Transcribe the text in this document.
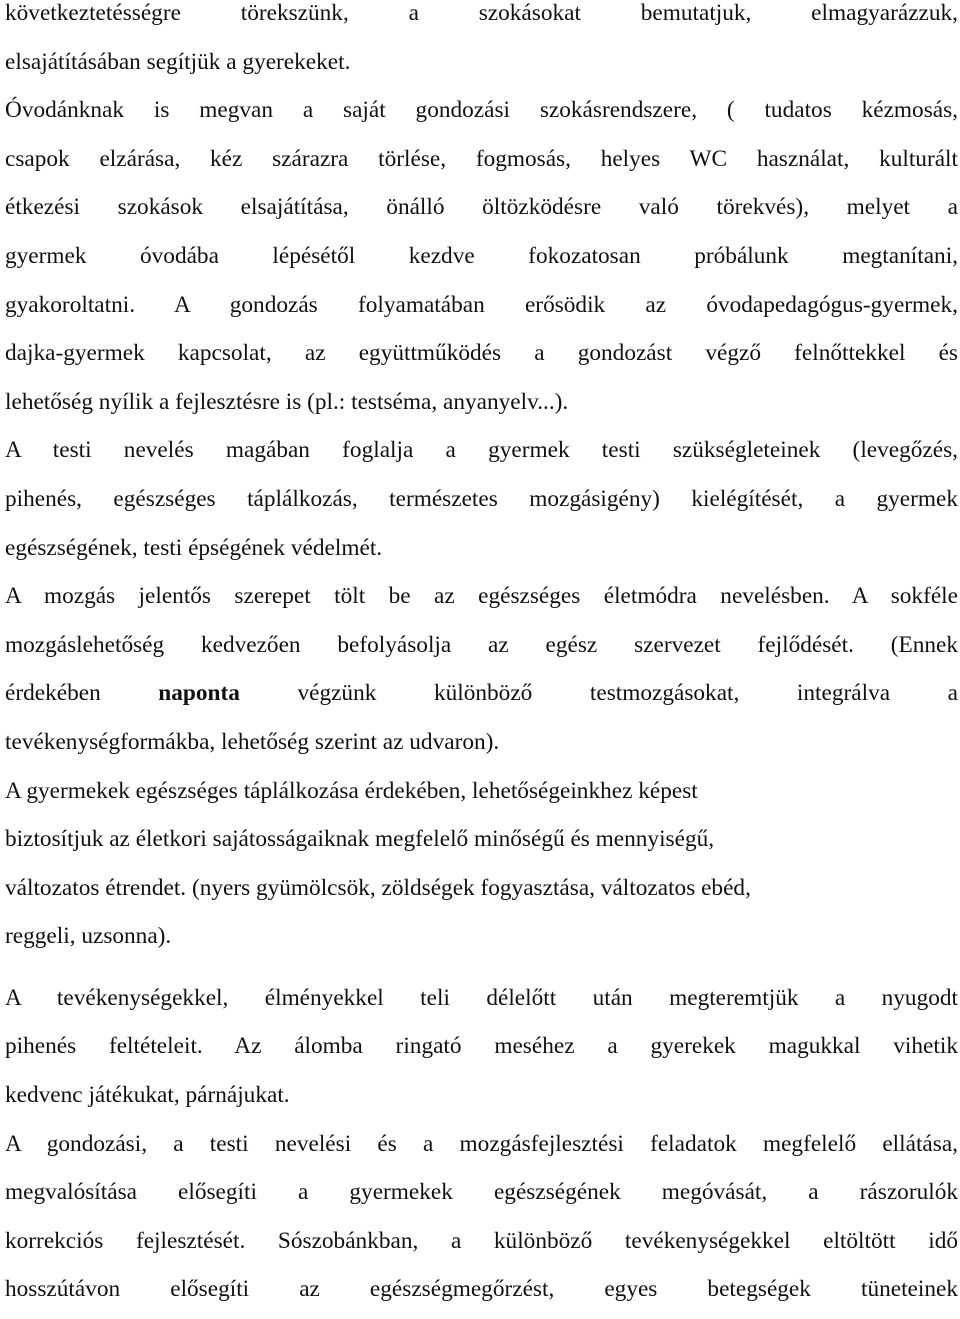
következtetésségre törekszünk, a szokásokat bemutatjuk, elmagyarázzuk,
elsajátításában segítjük a gyerekeket.
Óvodánknak is megvan a saját gondozási szokásrendszere, ( tudatos kézmosás,
csapok elzárása, kéz szárazra törlése, fogmosás, helyes WC használat, kulturált
étkezési szokások elsajátítása, önálló öltözködésre való törekvés), melyet a
gyermek óvodába lépésétől kezdve fokozatosan próbálunk megtanítani,
gyakoroltatni. A gondozás folyamatában erősödik az óvodapedagógus-gyermek,
dajka-gyermek kapcsolat, az együttműködés a gondozást végző felnőttekkel és
lehetőség nyílik a fejlesztésre is (pl.: testséma, anyanyelv...).
A testi nevelés magában foglalja a gyermek testi szükségleteinek (levegőzés,
pihenés, egészséges táplálkozás, természetes mozgásigény) kielégítését, a gyermek
egészségének, testi épségének védelmét.
A mozgás jelentős szerepet tölt be az egészséges életmódra nevelésben. A sokféle
mozgáslehetőség kedvezően befolyásolja az egész szervezet fejlődését. (Ennek
érdekében naponta végzünk különböző testmozgásokat, integrálva a
tevékenységformákba, lehetőség szerint az udvaron).
A gyermekek egészséges táplálkozása érdekében, lehetőségeinkhez képest
biztosítjuk az életkori sajátosságaiknak megfelelő minőségű és mennyiségű,
változatos étrendet. (nyers gyümölcsök, zöldségek fogyasztása, változatos ebéd,
reggeli, uzsonna).
A tevékenységekkel, élményekkel teli délelőtt után megteremtjük a nyugodt
pihenés feltételeit. Az álomba ringató meséhez a gyerekek magukkal vihetik
kedvenc játékukat, párnájukat.
A gondozási, a testi nevelési és a mozgásfejlesztési feladatok megfelelő ellátása,
megvalósítása elősegíti a gyermekek egészségének megóvását, a rászorulók
korrekciós fejlesztését. Sószobánkban, a különböző tevékenységekkel eltöltött idő
hosszútávon elősegíti az egészségmegőrzést, egyes betegségek tüneteinek
